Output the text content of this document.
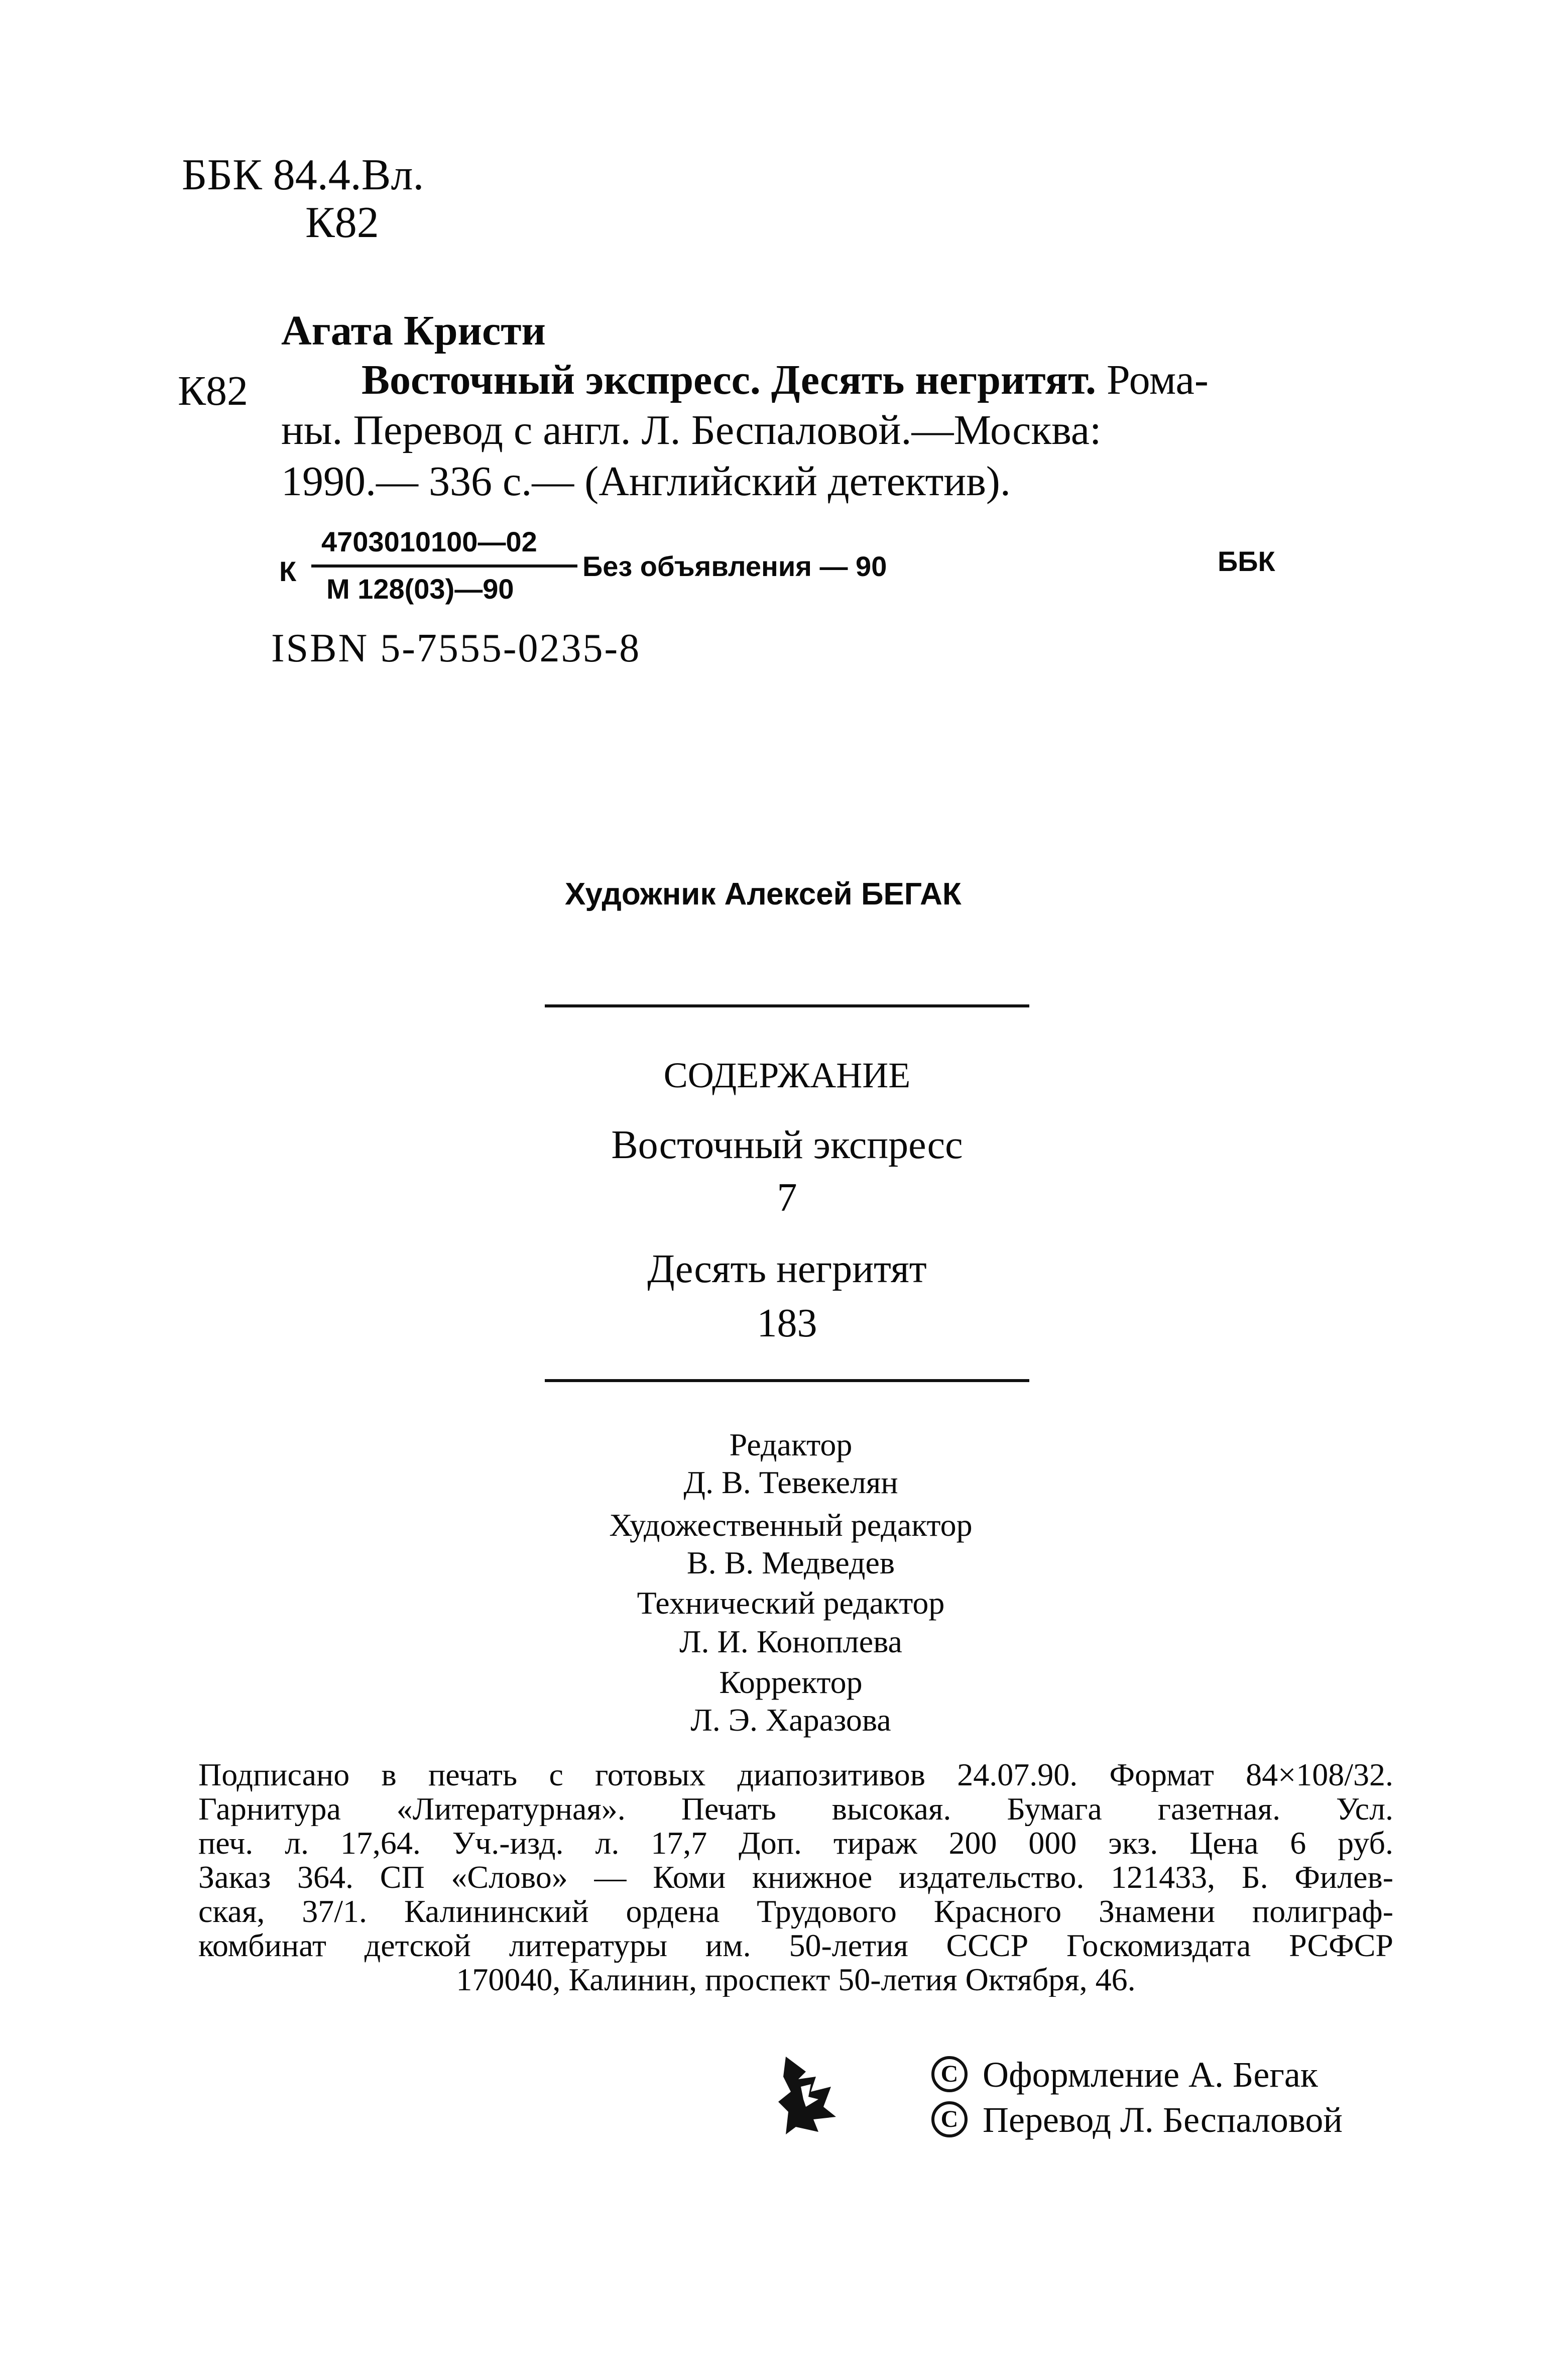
ББК 84.4.Вл.
К82
Агата Кристи
К82	Восточный экспресс. Десять негритят. Рома-
ны. Перевод с англ. Л. Беспаловой.—Москва:
1990.— 336 с.— (Английский детектив).
К
4703010100—02
М 128(03)—90
Без объявления — 90	ББК
ISBN 5-7555-0235-8
Художник Алексей БЕГАК
СОДЕРЖАНИЕ
Восточный экспресс
7
Десять негритят
183
Редактор
Д. В. Тевекелян
Художественный редактор
В. В. Медведев
Технический редактор
Л. И. Коноплева
Корректор
Л. Э. Харазова
Подписано в печать с готовых диапозитивов 24.07.90. Формат 84×108/32.
Гарнитура «Литературная». Печать высокая. Бумага газетная. Усл.
печ. л. 17,64. Уч.-изд. л. 17,7 Доп. тираж 200 000 экз. Цена 6 руб.
Заказ 364. СП «Слово» — Коми книжное издательство. 121433, Б. Филев-
ская, 37/1. Калининский ордена Трудового Красного Знамени полиграф-
комбинат детской литературы им. 50-летия СССР Госкомиздата РСФСР
170040, Калинин, проспект 50-летия Октября, 46.
C Оформление А. Бегак
C Перевод Л. Беспаловой
